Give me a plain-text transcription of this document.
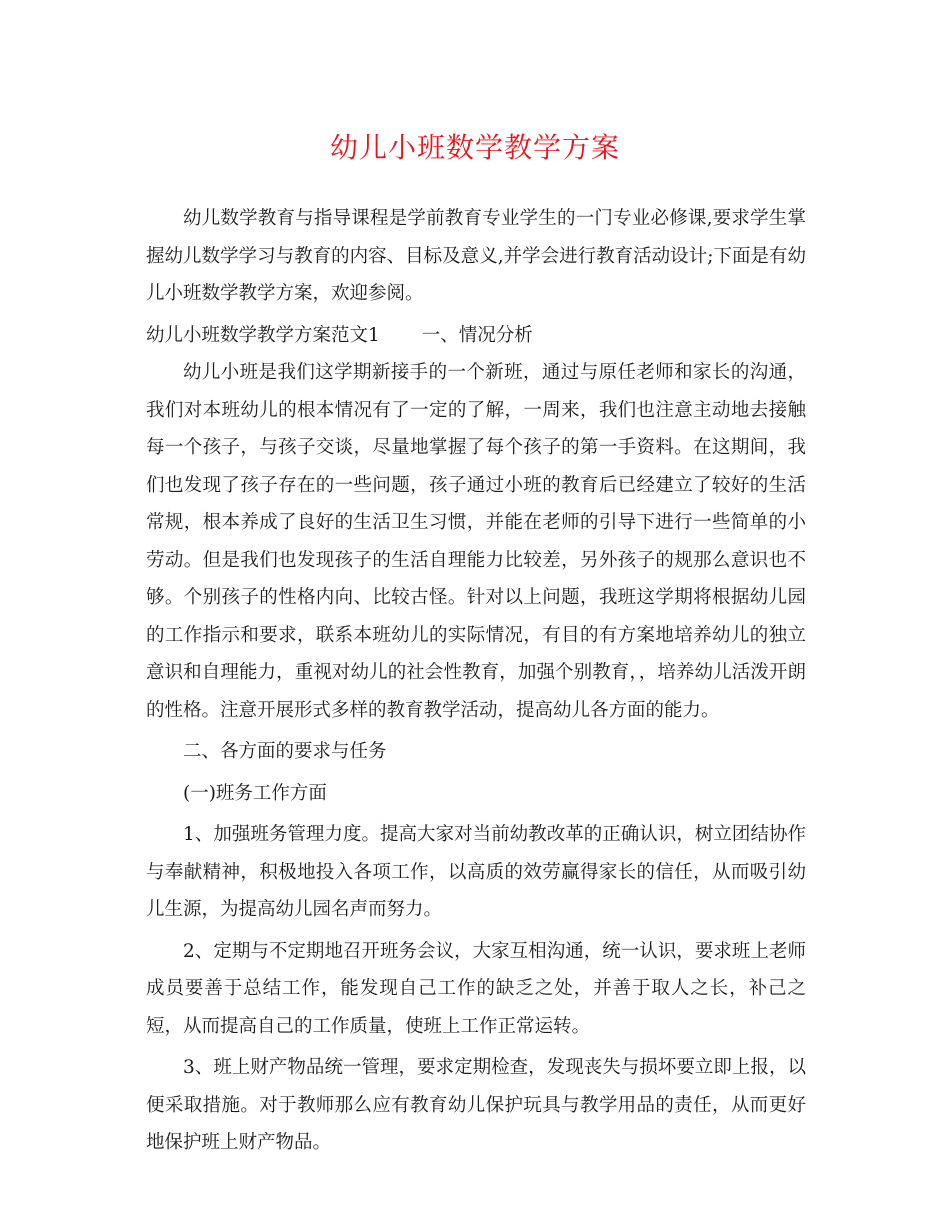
幼儿小班数学教学方案

幼儿数学教育与指导课程是学前教育专业学生的一门专业必修课,要求学生掌握幼儿数学学习与教育的内容、目标及意义,并学会进行教育活动设计;下面是有幼儿小班数学教学方案，欢迎参阅。

幼儿小班数学教学方案范文1 一、情况分析

幼儿小班是我们这学期新接手的一个新班，通过与原任老师和家长的沟通，我们对本班幼儿的根本情况有了一定的了解，一周来，我们也注意主动地去接触每一个孩子，与孩子交谈，尽量地掌握了每个孩子的第一手资料。在这期间，我们也发现了孩子存在的一些问题，孩子通过小班的教育后已经建立了较好的生活常规，根本养成了良好的生活卫生习惯，并能在老师的引导下进行一些简单的小劳动。但是我们也发现孩子的生活自理能力比较差，另外孩子的规那么意识也不够。个别孩子的性格内向、比较古怪。针对以上问题，我班这学期将根据幼儿园的工作指示和要求，联系本班幼儿的实际情况，有目的有方案地培养幼儿的独立意识和自理能力，重视对幼儿的社会性教育，加强个别教育，，培养幼儿活泼开朗的性格。注意开展形式多样的教育教学活动，提高幼儿各方面的能力。

二、各方面的要求与任务

(一)班务工作方面

1、加强班务管理力度。提高大家对当前幼教改革的正确认识，树立团结协作与奉献精神，积极地投入各项工作，以高质的效劳赢得家长的信任，从而吸引幼儿生源，为提高幼儿园名声而努力。

2、定期与不定期地召开班务会议，大家互相沟通，统一认识，要求班上老师成员要善于总结工作，能发现自己工作的缺乏之处，并善于取人之长，补己之短，从而提高自己的工作质量，使班上工作正常运转。

3、班上财产物品统一管理，要求定期检查，发现丧失与损坏要立即上报，以便采取措施。对于教师那么应有教育幼儿保护玩具与教学用品的责任，从而更好地保护班上财产物品。
